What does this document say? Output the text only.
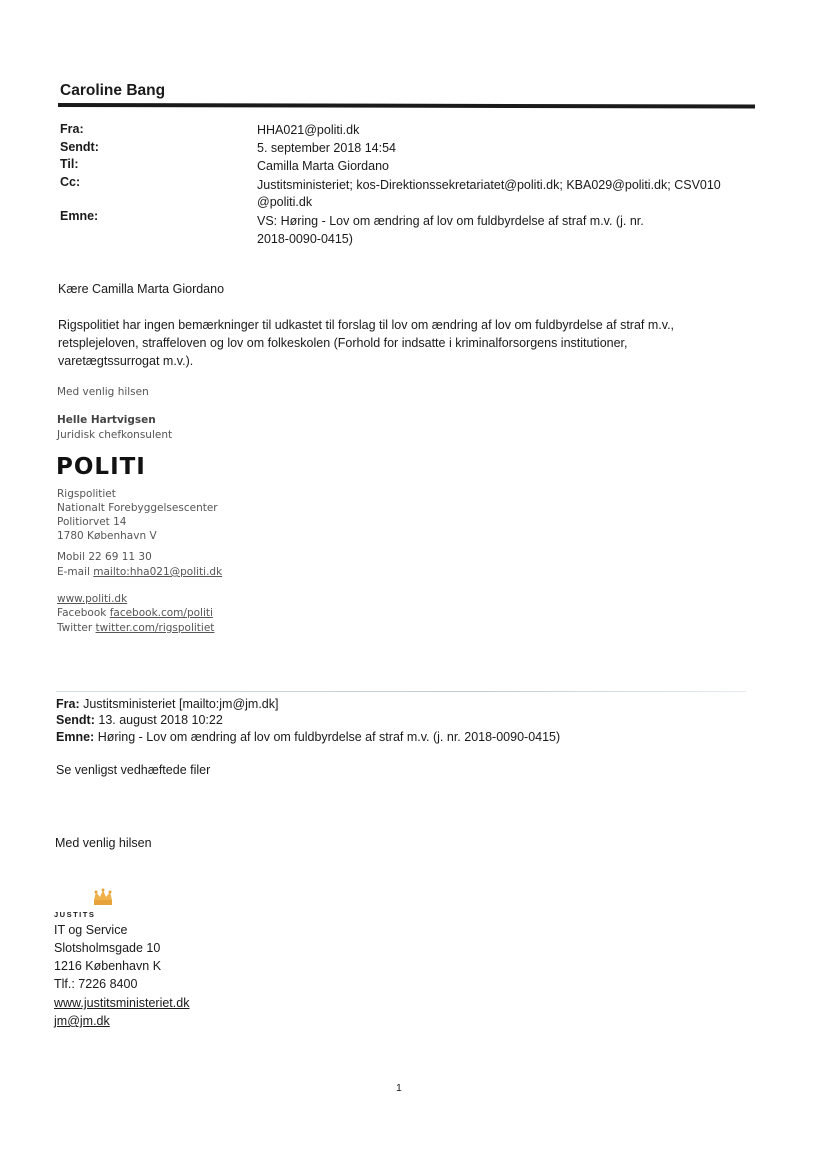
Caroline Bang
Fra:	HHA021@politi.dk
Sendt:	5. september 2018 14:54
Til:	Camilla Marta Giordano
Cc:	Justitsministeriet; kos-Direktionssekretariatet@politi.dk; KBA029@politi.dk; CSV010
@politi.dk
Emne:	VS: Høring - Lov om ændring af lov om fuldbyrdelse af straf m.v. (j. nr.
2018-0090-0415)
Kære Camilla Marta Giordano
Rigspolitiet har ingen bemærkninger til udkastet til forslag til lov om ændring af lov om fuldbyrdelse af straf m.v.,
retsplejeloven, straffeloven og lov om folkeskolen (Forhold for indsatte i kriminalforsorgens institutioner,
varetægtssurrogat m.v.).
Med venlig hilsen
Helle Hartvigsen
Juridisk chefkonsulent
POLITI
Rigspolitiet
Nationalt Forebyggelsescenter
Politiorvet 14
1780 København V
Mobil 22 69 11 30
E-mail mailto:hha021@politi.dk
www.politi.dk
Facebook facebook.com/politi
Twitter twitter.com/rigspolitiet
Fra: Justitsministeriet [mailto:jm@jm.dk]
Sendt: 13. august 2018 10:22
Emne: Høring - Lov om ændring af lov om fuldbyrdelse af straf m.v. (j. nr. 2018-0090-0415)
Se venligst vedhæftede filer
Med venlig hilsen
JUSTITS
IT og Service
Slotsholmsgade 10
1216 København K
Tlf.: 7226 8400
www.justitsministeriet.dk
jm@jm.dk
1
